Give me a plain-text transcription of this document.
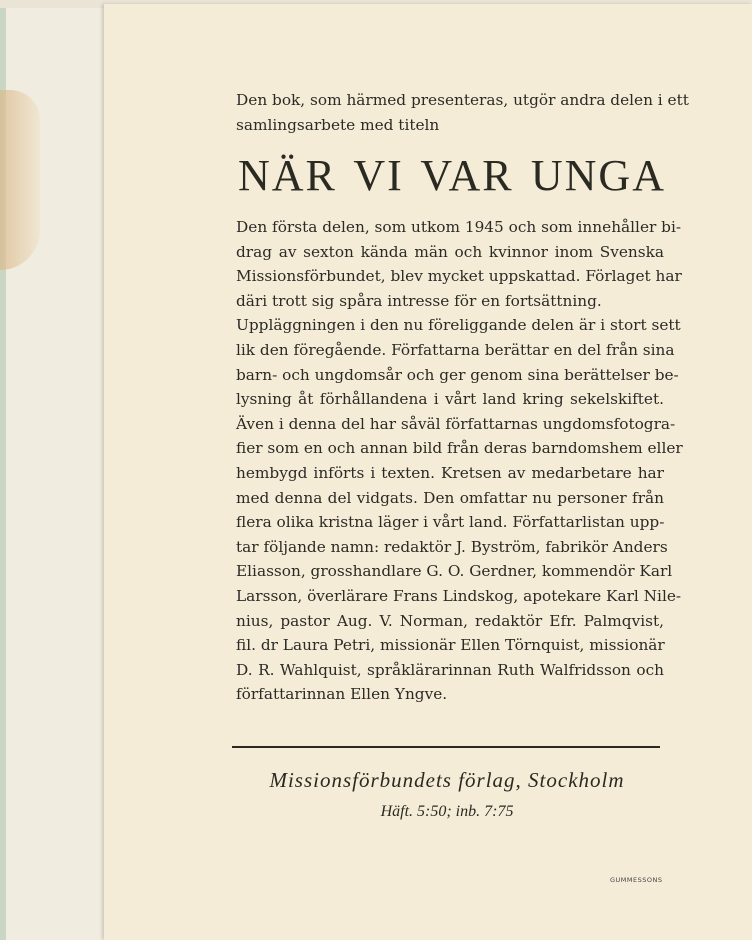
Den bok, som härmed presenteras, utgör andra delen i ett
samlingsarbete med titeln
NÄR VI VAR UNGA
Den första delen, som utkom 1945 och som innehåller bi-
drag av sexton kända män och kvinnor inom Svenska
Missionsförbundet, blev mycket uppskattad. Förlaget har
däri trott sig spåra intresse för en fortsättning.
Uppläggningen i den nu föreliggande delen är i stort sett
lik den föregående. Författarna berättar en del från sina
barn- och ungdomsår och ger genom sina berättelser be-
lysning åt förhållandena i vårt land kring sekelskiftet.
Även i denna del har såväl författarnas ungdomsfotogra-
fier som en och annan bild från deras barndomshem eller
hembygd införts i texten. Kretsen av medarbetare har
med denna del vidgats. Den omfattar nu personer från
flera olika kristna läger i vårt land. Författarlistan upp-
tar följande namn: redaktör J. Byström, fabrikör Anders
Eliasson, grosshandlare G. O. Gerdner, kommendör Karl
Larsson, överlärare Frans Lindskog, apotekare Karl Nile-
nius, pastor Aug. V. Norman, redaktör Efr. Palmqvist,
fil. dr Laura Petri, missionär Ellen Törnquist, missionär
D. R. Wahlquist, språklärarinnan Ruth Walfridsson och
författarinnan Ellen Yngve.
Missionsförbundets förlag, Stockholm
Häft. 5:50; inb. 7:75
GUMMESSONS
